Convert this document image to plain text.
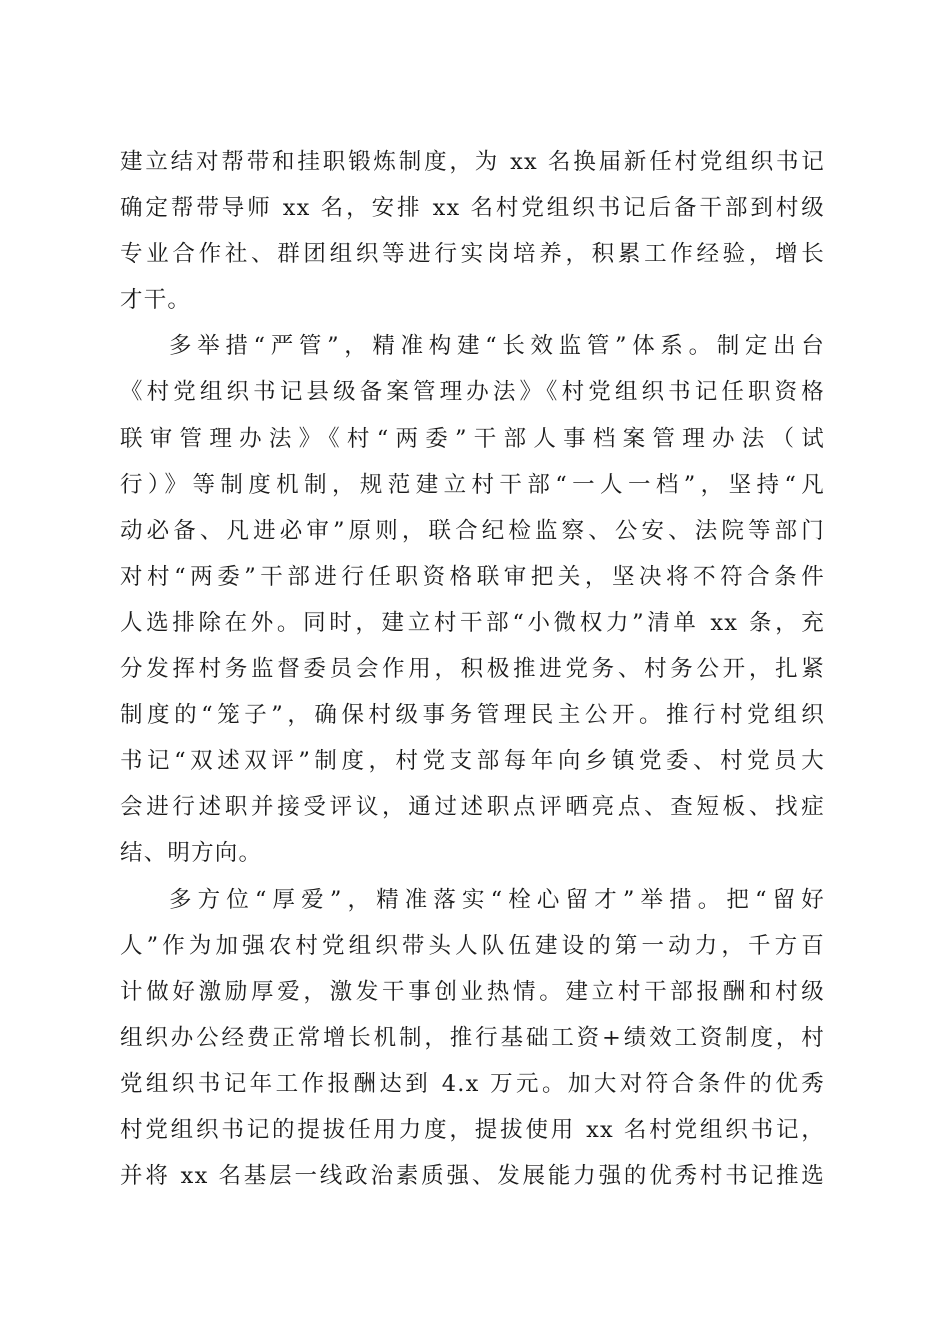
建立结对帮带和挂职锻炼制度，为 xx 名换届新任村党组织书记
确定帮带导师 xx 名，安排 xx 名村党组织书记后备干部到村级
专业合作社、群团组织等进行实岗培养，积累工作经验，增长
才干。
多举措“严管”，精准构建“长效监管”体系。制定出台
《村党组织书记县级备案管理办法》《村党组织书记任职资格
联审管理办法》《村“两委”干部人事档案管理办法（试
行）》等制度机制，规范建立村干部“一人一档”，坚持“凡
动必备、凡进必审”原则，联合纪检监察、公安、法院等部门
对村“两委”干部进行任职资格联审把关，坚决将不符合条件
人选排除在外。同时，建立村干部“小微权力”清单 xx 条，充
分发挥村务监督委员会作用，积极推进党务、村务公开，扎紧
制度的“笼子”，确保村级事务管理民主公开。推行村党组织
书记“双述双评”制度，村党支部每年向乡镇党委、村党员大
会进行述职并接受评议，通过述职点评晒亮点、查短板、找症
结、明方向。
多方位“厚爱”，精准落实“栓心留才”举措。把“留好
人”作为加强农村党组织带头人队伍建设的第一动力，千方百
计做好激励厚爱，激发干事创业热情。建立村干部报酬和村级
组织办公经费正常增长机制，推行基础工资+绩效工资制度，村
党组织书记年工作报酬达到 4.x 万元。加大对符合条件的优秀
村党组织书记的提拔任用力度，提拔使用 xx 名村党组织书记，
并将 xx 名基层一线政治素质强、发展能力强的优秀村书记推选
